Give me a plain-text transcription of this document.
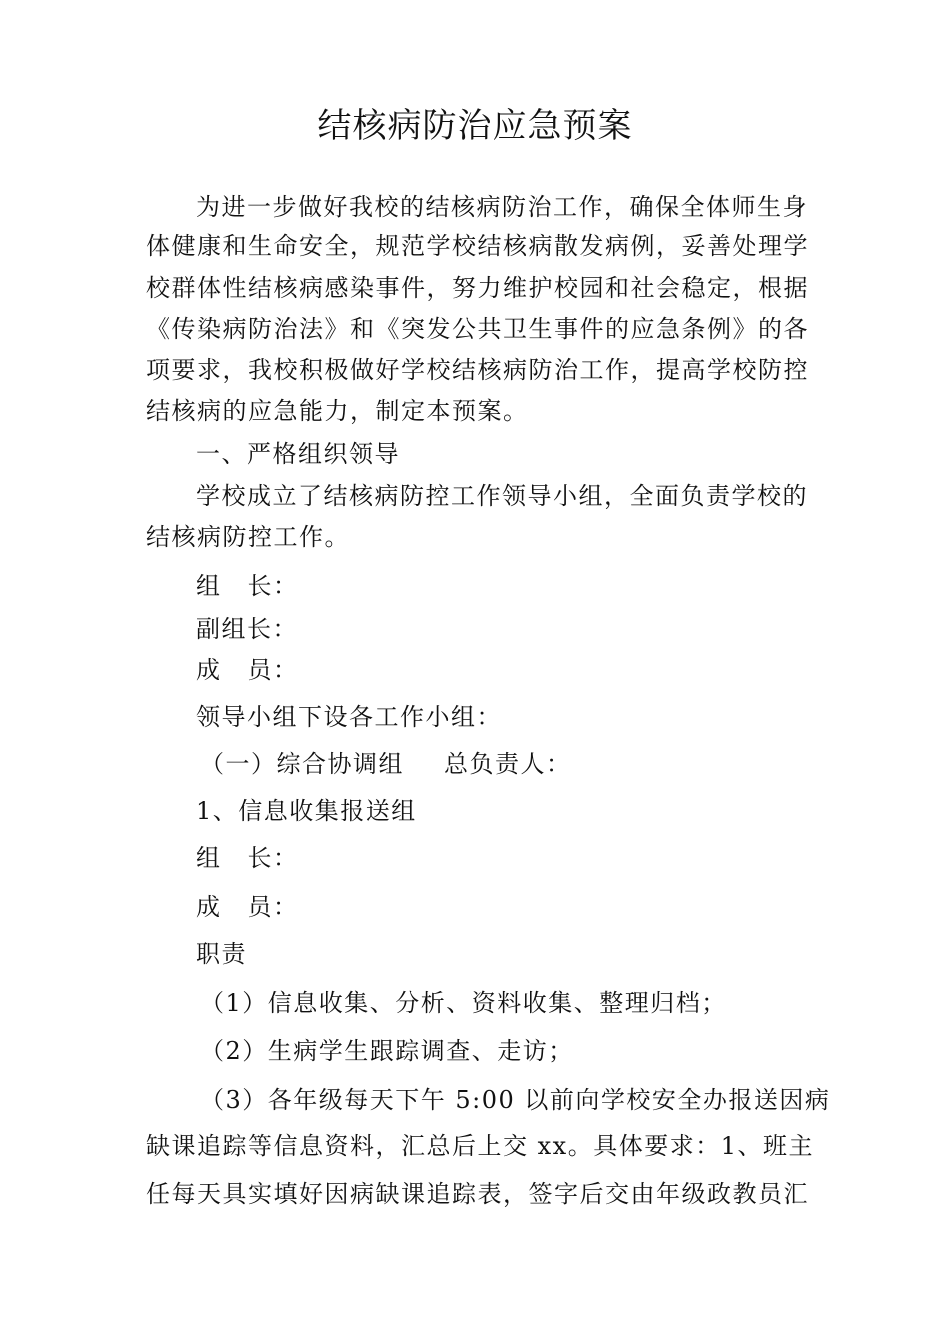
结核病防治应急预案
为进一步做好我校的结核病防治工作，确保全体师生身
体健康和生命安全，规范学校结核病散发病例，妥善处理学
校群体性结核病感染事件，努力维护校园和社会稳定，根据
《传染病防治法》和《突发公共卫生事件的应急条例》的各
项要求，我校积极做好学校结核病防治工作，提高学校防控
结核病的应急能力，制定本预案。
一、严格组织领导
学校成立了结核病防控工作领导小组，全面负责学校的
结核病防控工作。
组 长：
副组长：
成 员：
领导小组下设各工作小组：
（一）综合协调组 总负责人：
1、信息收集报送组
组 长：
成 员：
职责
（1）信息收集、分析、资料收集、整理归档；
（2）生病学生跟踪调查、走访；
（3）各年级每天下午 5:00 以前向学校安全办报送因病
缺课追踪等信息资料，汇总后上交 xx。具体要求：1、班主
任每天具实填好因病缺课追踪表，签字后交由年级政教员汇
